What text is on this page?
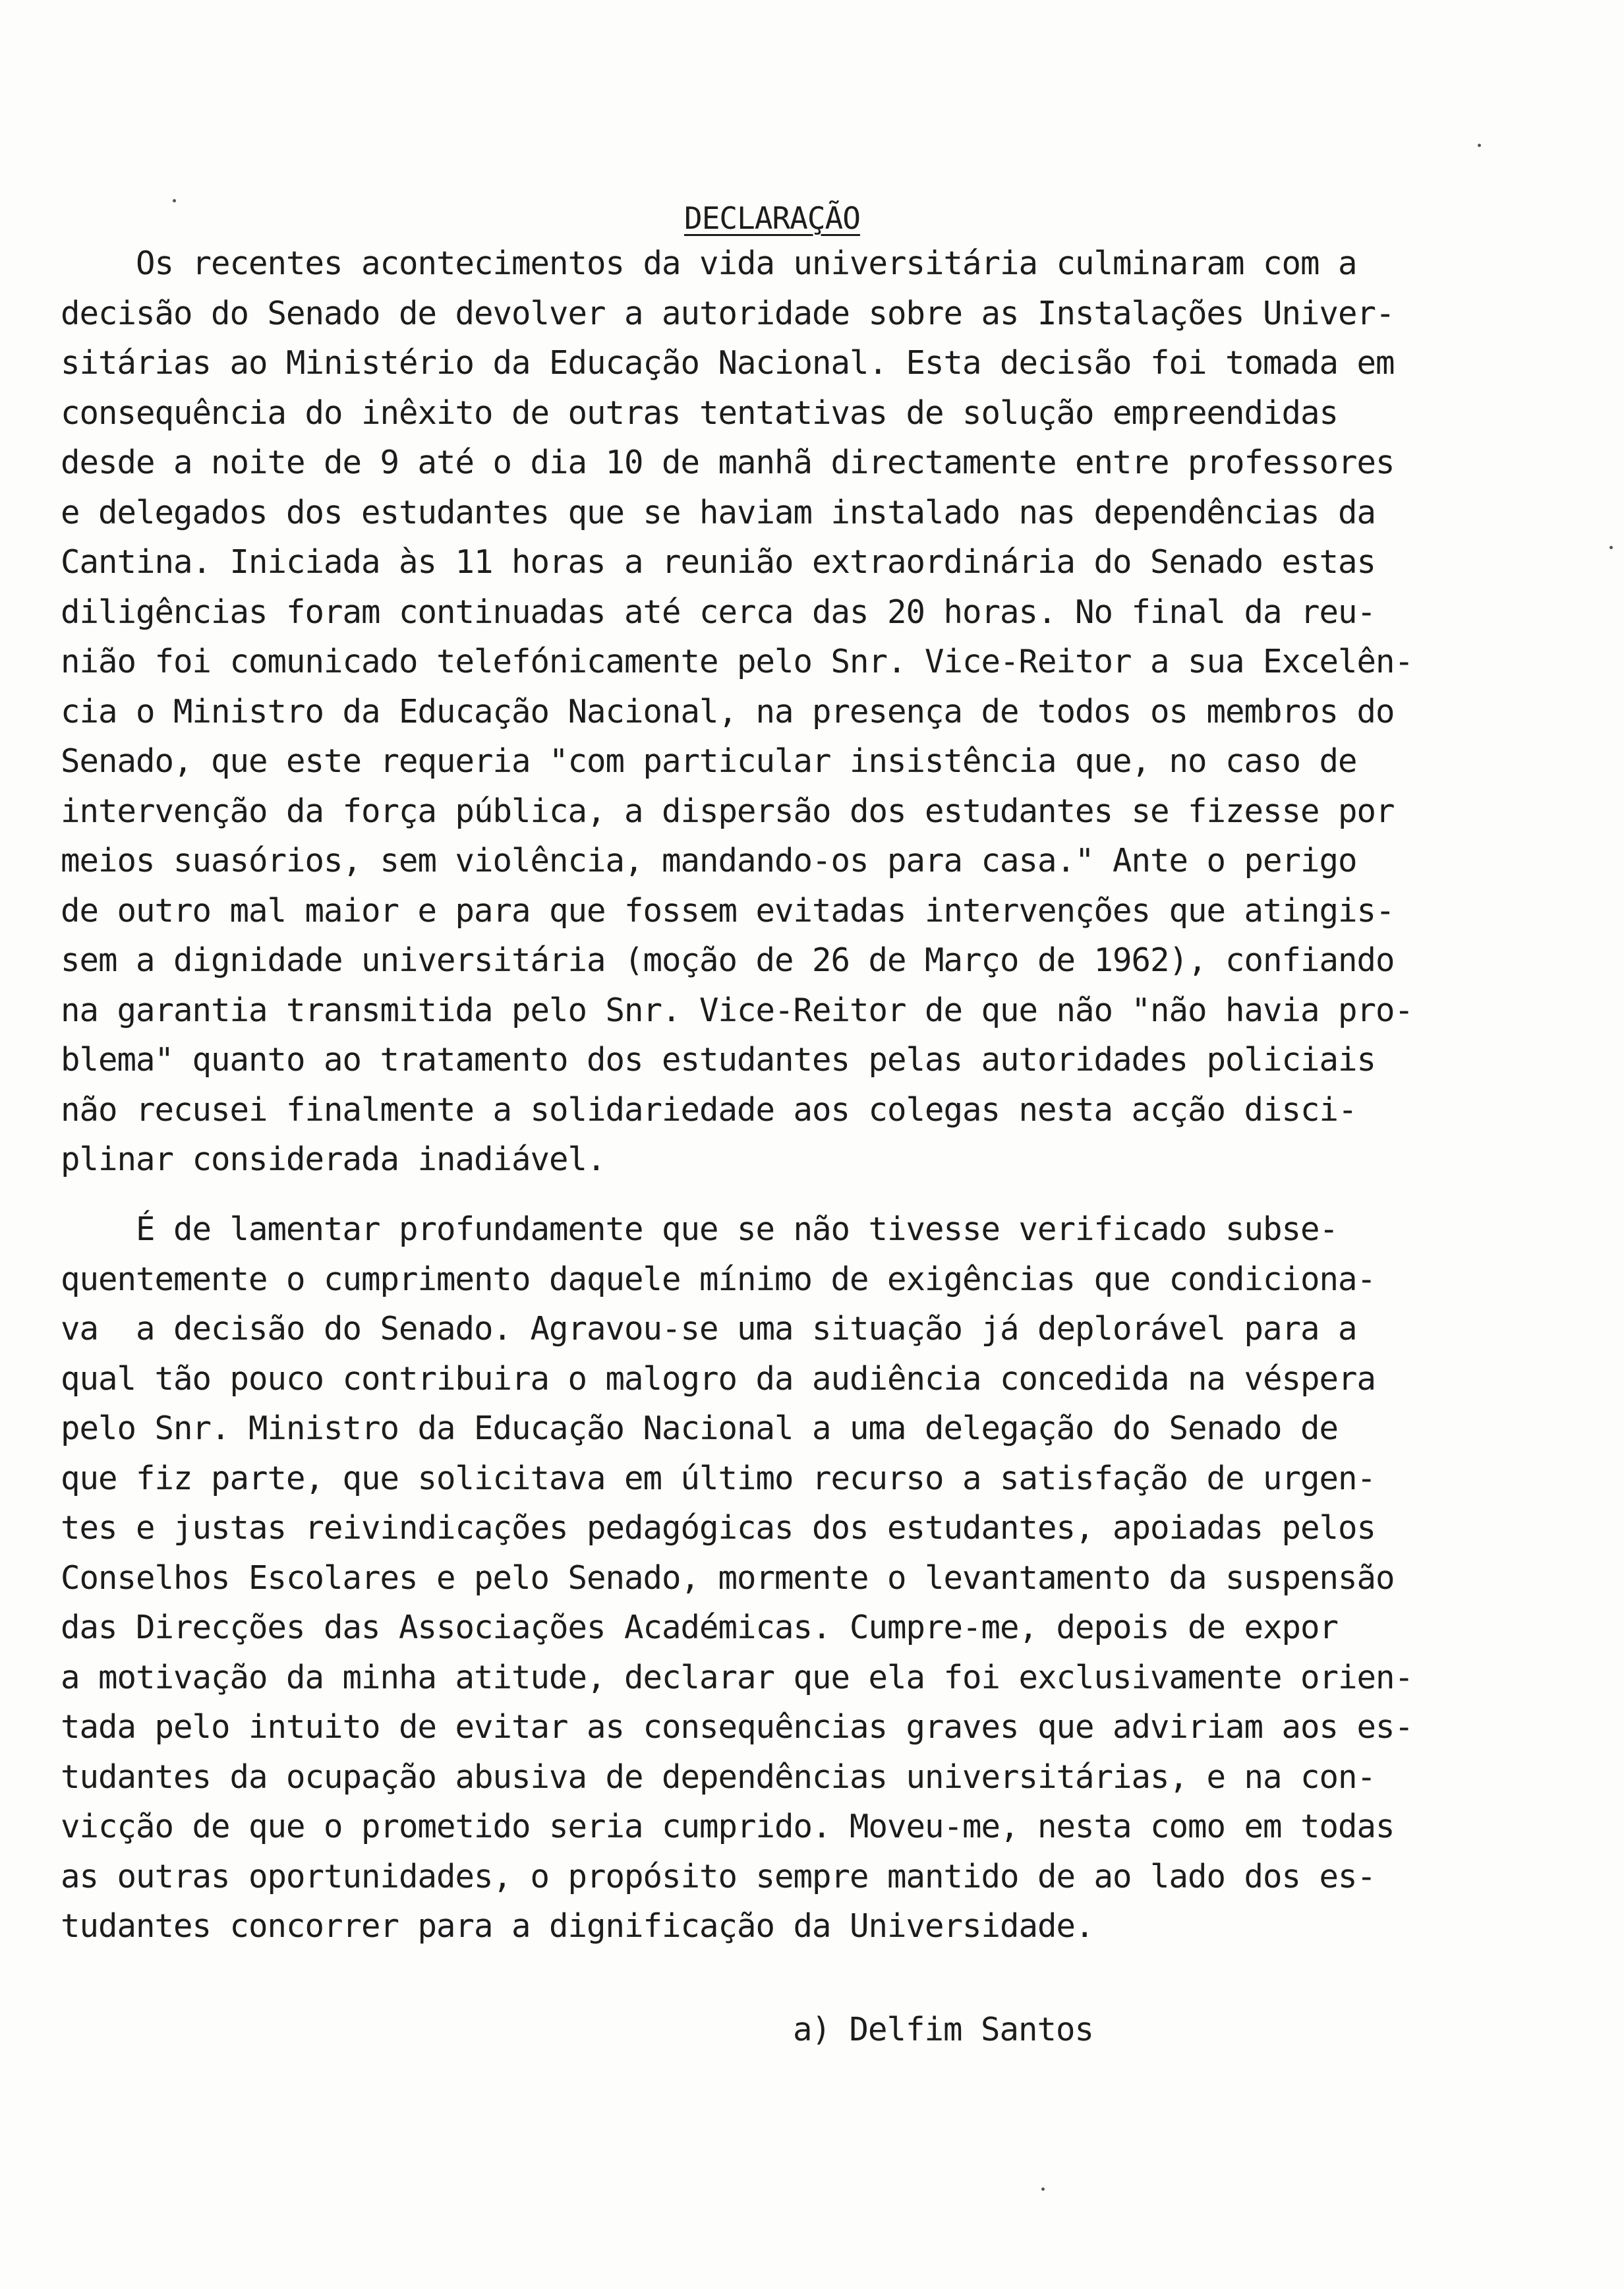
DECLARAÇÃO
Os recentes acontecimentos da vida universitária culminaram com a
decisão do Senado de devolver a autoridade sobre as Instalações Univer-
sitárias ao Ministério da Educação Nacional. Esta decisão foi tomada em
consequência do inêxito de outras tentativas de solução empreendidas
desde a noite de 9 até o dia 10 de manhã directamente entre professores
e delegados dos estudantes que se haviam instalado nas dependências da
Cantina. Iniciada às 11 horas a reunião extraordinária do Senado estas
diligências foram continuadas até cerca das 20 horas. No final da reu-
nião foi comunicado telefónicamente pelo Snr. Vice-Reitor a sua Excelên-
cia o Ministro da Educação Nacional, na presença de todos os membros do
Senado, que este requeria "com particular insistência que, no caso de
intervenção da força pública, a dispersão dos estudantes se fizesse por
meios suasórios, sem violência, mandando-os para casa." Ante o perigo
de outro mal maior e para que fossem evitadas intervenções que atingis-
sem a dignidade universitária (moção de 26 de Março de 1962), confiando
na garantia transmitida pelo Snr. Vice-Reitor de que não "não havia pro-
blema" quanto ao tratamento dos estudantes pelas autoridades policiais
não recusei finalmente a solidariedade aos colegas nesta acção disci-
plinar considerada inadiável.
É de lamentar profundamente que se não tivesse verificado subse-
quentemente o cumprimento daquele mínimo de exigências que condiciona-
va  a decisão do Senado. Agravou-se uma situação já deplorável para a
qual tão pouco contribuira o malogro da audiência concedida na véspera
pelo Snr. Ministro da Educação Nacional a uma delegação do Senado de
que fiz parte, que solicitava em último recurso a satisfação de urgen-
tes e justas reivindicações pedagógicas dos estudantes, apoiadas pelos
Conselhos Escolares e pelo Senado, mormente o levantamento da suspensão
das Direcções das Associações Académicas. Cumpre-me, depois de expor
a motivação da minha atitude, declarar que ela foi exclusivamente orien-
tada pelo intuito de evitar as consequências graves que adviriam aos es-
tudantes da ocupação abusiva de dependências universitárias, e na con-
vicção de que o prometido seria cumprido. Moveu-me, nesta como em todas
as outras oportunidades, o propósito sempre mantido de ao lado dos es-
tudantes concorrer para a dignificação da Universidade.
a) Delfim Santos
